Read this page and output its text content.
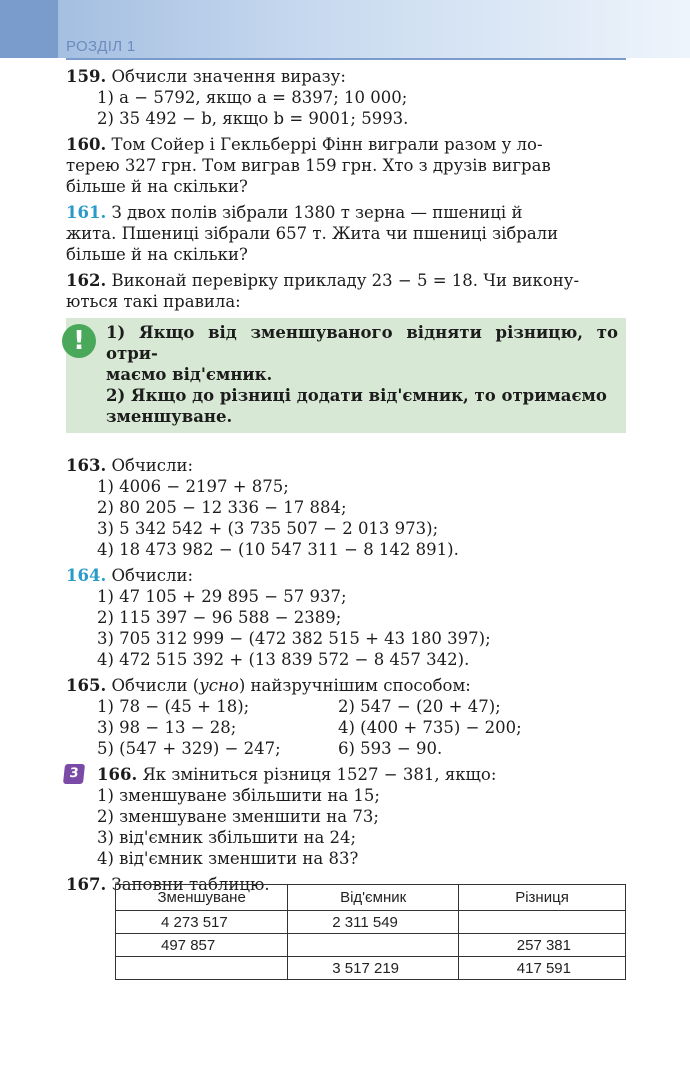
РОЗДІЛ 1

159. Обчисли значення виразу:

1) a − 5792, якщо a = 8397; 10 000;

2) 35 492 − b, якщо b = 9001; 5993.

160. Том Сойер і Гекльберрі Фінн виграли разом у ло-

терею 327 грн. Том виграв 159 грн. Хто з друзів виграв

більше й на скільки?

161. З двох полів зібрали 1380 т зерна — пшениці й

жита. Пшениці зібрали 657 т. Жита чи пшениці зібрали

більше й на скільки?

162. Виконай перевірку прикладу 23 − 5 = 18. Чи викону-

ються такі правила:

!	1) Якщо від зменшуваного відняти різницю, то отри-

маємо від'ємник.

2) Якщо до різниці додати від'ємник, то отримаємо

зменшуване.

163. Обчисли:

1) 4006 − 2197 + 875;

2) 80 205 − 12 336 − 17 884;

3) 5 342 542 + (3 735 507 − 2 013 973);

4) 18 473 982 − (10 547 311 − 8 142 891).

164. Обчисли:

1) 47 105 + 29 895 − 57 937;

2) 115 397 − 96 588 − 2389;

3) 705 312 999 − (472 382 515 + 43 180 397);

4) 472 515 392 + (13 839 572 − 8 457 342).

165. Обчисли (усно) найзручнішим способом:

1) 78 − (45 + 18);	2) 547 − (20 + 47);
3) 98 − 13 − 28;	4) (400 + 735) − 200;
5) (547 + 329) − 247;	6) 593 − 90.
3	166. Як зміниться різниця 1527 − 381, якщо:

1) зменшуване збільшити на 15;

2) зменшуване зменшити на 73;

3) від'ємник збільшити на 24;

4) від'ємник зменшити на 83?

167. Заповни таблицю.

Зменшуване	Від'ємник	Різниця
4 273 517	2 311 549	
497 857		257 381
	3 517 219	417 591
